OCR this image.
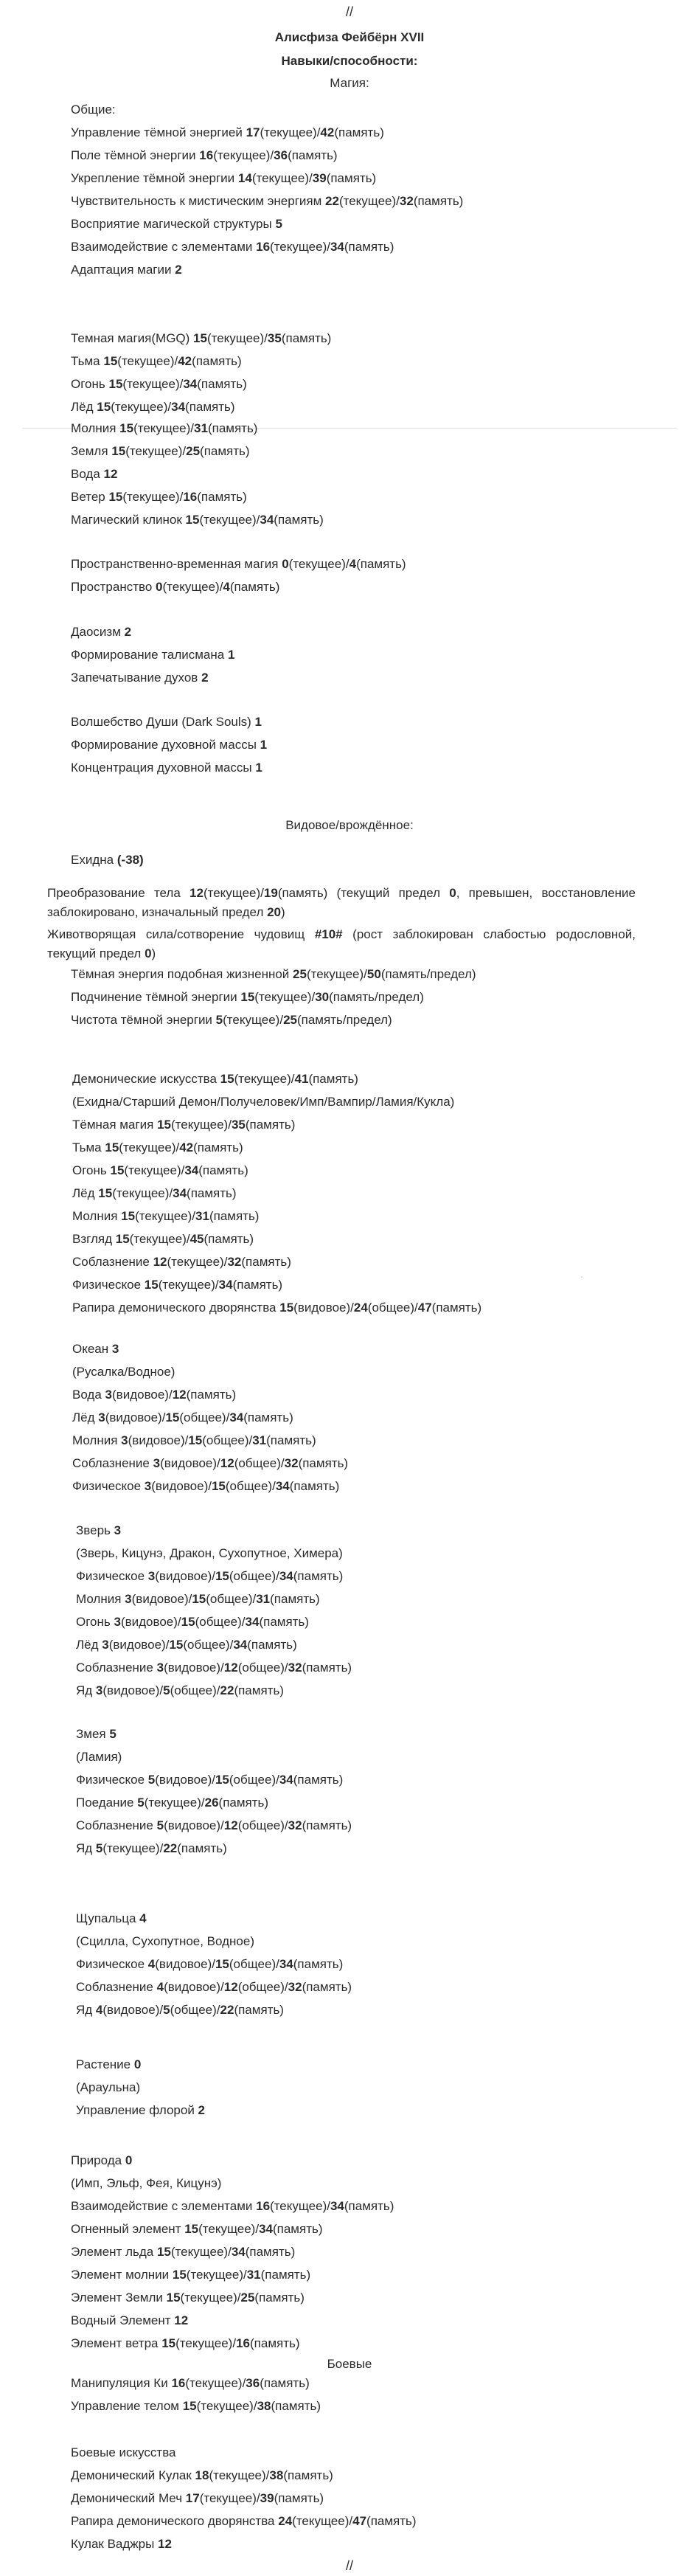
//
Алисфиза Фейбёрн XVII
Навыки/способности:
Магия:
Общие:
Управление тёмной энергией 17(текущее)/42(память)
Поле тёмной энергии 16(текущее)/36(память)
Укрепление тёмной энергии 14(текущее)/39(память)
Чувствительность к мистическим энергиям 22(текущее)/32(память)
Восприятие магической структуры 5
Взаимодействие с элементами 16(текущее)/34(память)
Адаптация магии 2
Темная магия(MGQ) 15(текущее)/35(память)
Тьма 15(текущее)/42(память)
Огонь 15(текущее)/34(память)
Лёд 15(текущее)/34(память)
Молния 15(текущее)/31(память)
Земля 15(текущее)/25(память)
Вода 12
Ветер 15(текущее)/16(память)
Магический клинок 15(текущее)/34(память)
Пространственно-временная магия 0(текущее)/4(память)
Пространство 0(текущее)/4(память)
Даосизм 2
Формирование талисмана 1
Запечатывание духов 2
Волшебство Души (Dark Souls) 1
Формирование духовной массы 1
Концентрация духовной массы 1
Видовое/врождённое:
Ехидна (-38)
Преобразование тела 12(текущее)/19(память) (текущий предел 0, превышен, восстановление заблокировано, изначальный предел 20)
Животворящая сила/сотворение чудовищ #10# (рост заблокирован слабостью родословной, текущий предел 0)
Тёмная энергия подобная жизненной 25(текущее)/50(память/предел)
Подчинение тёмной энергии 15(текущее)/30(память/предел)
Чистота тёмной энергии 5(текущее)/25(память/предел)
Демонические искусства 15(текущее)/41(память)
(Ехидна/Старший Демон/Получеловек/Имп/Вампир/Ламия/Кукла)
Тёмная магия 15(текущее)/35(память)
Тьма 15(текущее)/42(память)
Огонь 15(текущее)/34(память)
Лёд 15(текущее)/34(память)
Молния 15(текущее)/31(память)
Взгляд 15(текущее)/45(память)
Соблазнение 12(текущее)/32(память)
Физическое 15(текущее)/34(память)
Рапира демонического дворянства 15(видовое)/24(общее)/47(память)
Океан 3
(Русалка/Водное)
Вода 3(видовое)/12(память)
Лёд 3(видовое)/15(общее)/34(память)
Молния 3(видовое)/15(общее)/31(память)
Соблазнение 3(видовое)/12(общее)/32(память)
Физическое 3(видовое)/15(общее)/34(память)
Зверь 3
(Зверь, Кицунэ, Дракон, Сухопутное, Химера)
Физическое 3(видовое)/15(общее)/34(память)
Молния 3(видовое)/15(общее)/31(память)
Огонь 3(видовое)/15(общее)/34(память)
Лёд 3(видовое)/15(общее)/34(память)
Соблазнение 3(видовое)/12(общее)/32(память)
Яд 3(видовое)/5(общее)/22(память)
Змея 5
(Ламия)
Физическое 5(видовое)/15(общее)/34(память)
Поедание 5(текущее)/26(память)
Соблазнение 5(видовое)/12(общее)/32(память)
Яд 5(текущее)/22(память)
Щупальца 4
(Сцилла, Сухопутное, Водное)
Физическое 4(видовое)/15(общее)/34(память)
Соблазнение 4(видовое)/12(общее)/32(память)
Яд 4(видовое)/5(общее)/22(память)
Растение 0
(Араульна)
Управление флорой 2
Природа 0
(Имп, Эльф, Фея, Кицунэ)
Взаимодействие с элементами 16(текущее)/34(память)
Огненный элемент 15(текущее)/34(память)
Элемент льда 15(текущее)/34(память)
Элемент молнии 15(текущее)/31(память)
Элемент Земли 15(текущее)/25(память)
Водный Элемент 12
Элемент ветра 15(текущее)/16(память)
Боевые
Манипуляция Ки 16(текущее)/36(память)
Управление телом 15(текущее)/38(память)
Боевые искусства
Демонический Кулак 18(текущее)/38(память)
Демонический Меч 17(текущее)/39(память)
Рапира демонического дворянства 24(текущее)/47(память)
Кулак Ваджры 12
//
